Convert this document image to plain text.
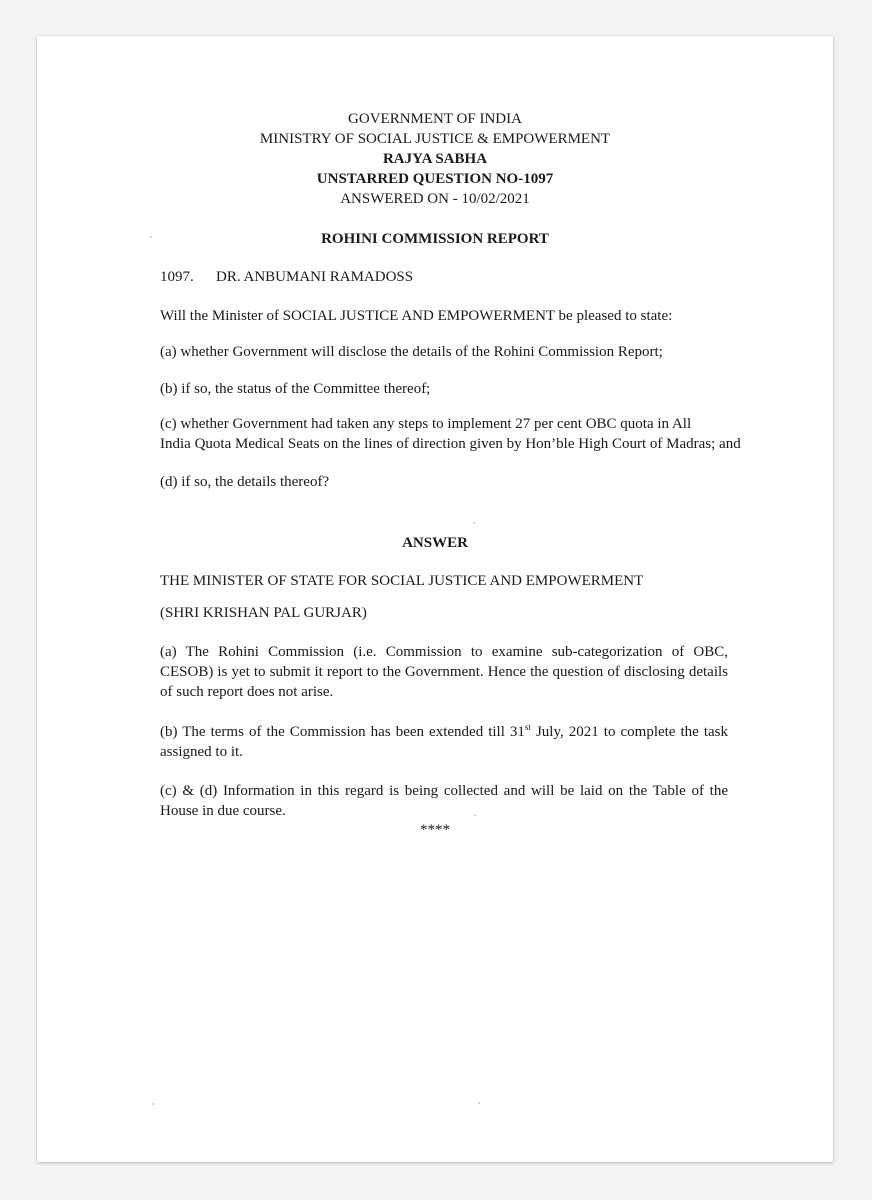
GOVERNMENT OF INDIA
MINISTRY OF SOCIAL JUSTICE & EMPOWERMENT
RAJYA SABHA
UNSTARRED QUESTION NO-1097
ANSWERED ON - 10/02/2021
ROHINI COMMISSION REPORT
1097. DR. ANBUMANI RAMADOSS
Will the Minister of SOCIAL JUSTICE AND EMPOWERMENT be pleased to state:
(a) whether Government will disclose the details of the Rohini Commission Report;
(b) if so, the status of the Committee thereof;
(c) whether Government had taken any steps to implement 27 per cent OBC quota in All
India Quota Medical Seats on the lines of direction given by Hon’ble High Court of Madras; and
(d) if so, the details thereof?
ANSWER
THE MINISTER OF STATE FOR SOCIAL JUSTICE AND EMPOWERMENT
(SHRI KRISHAN PAL GURJAR)
(a) The Rohini Commission (i.e. Commission to examine sub-categorization of OBC, CESOB) is yet to submit it report to the Government. Hence the question of disclosing details of such report does not arise.
(b) The terms of the Commission has been extended till 31st July, 2021 to complete the task assigned to it.
(c) & (d) Information in this regard is being collected and will be laid on the Table of the House in due course.
****
